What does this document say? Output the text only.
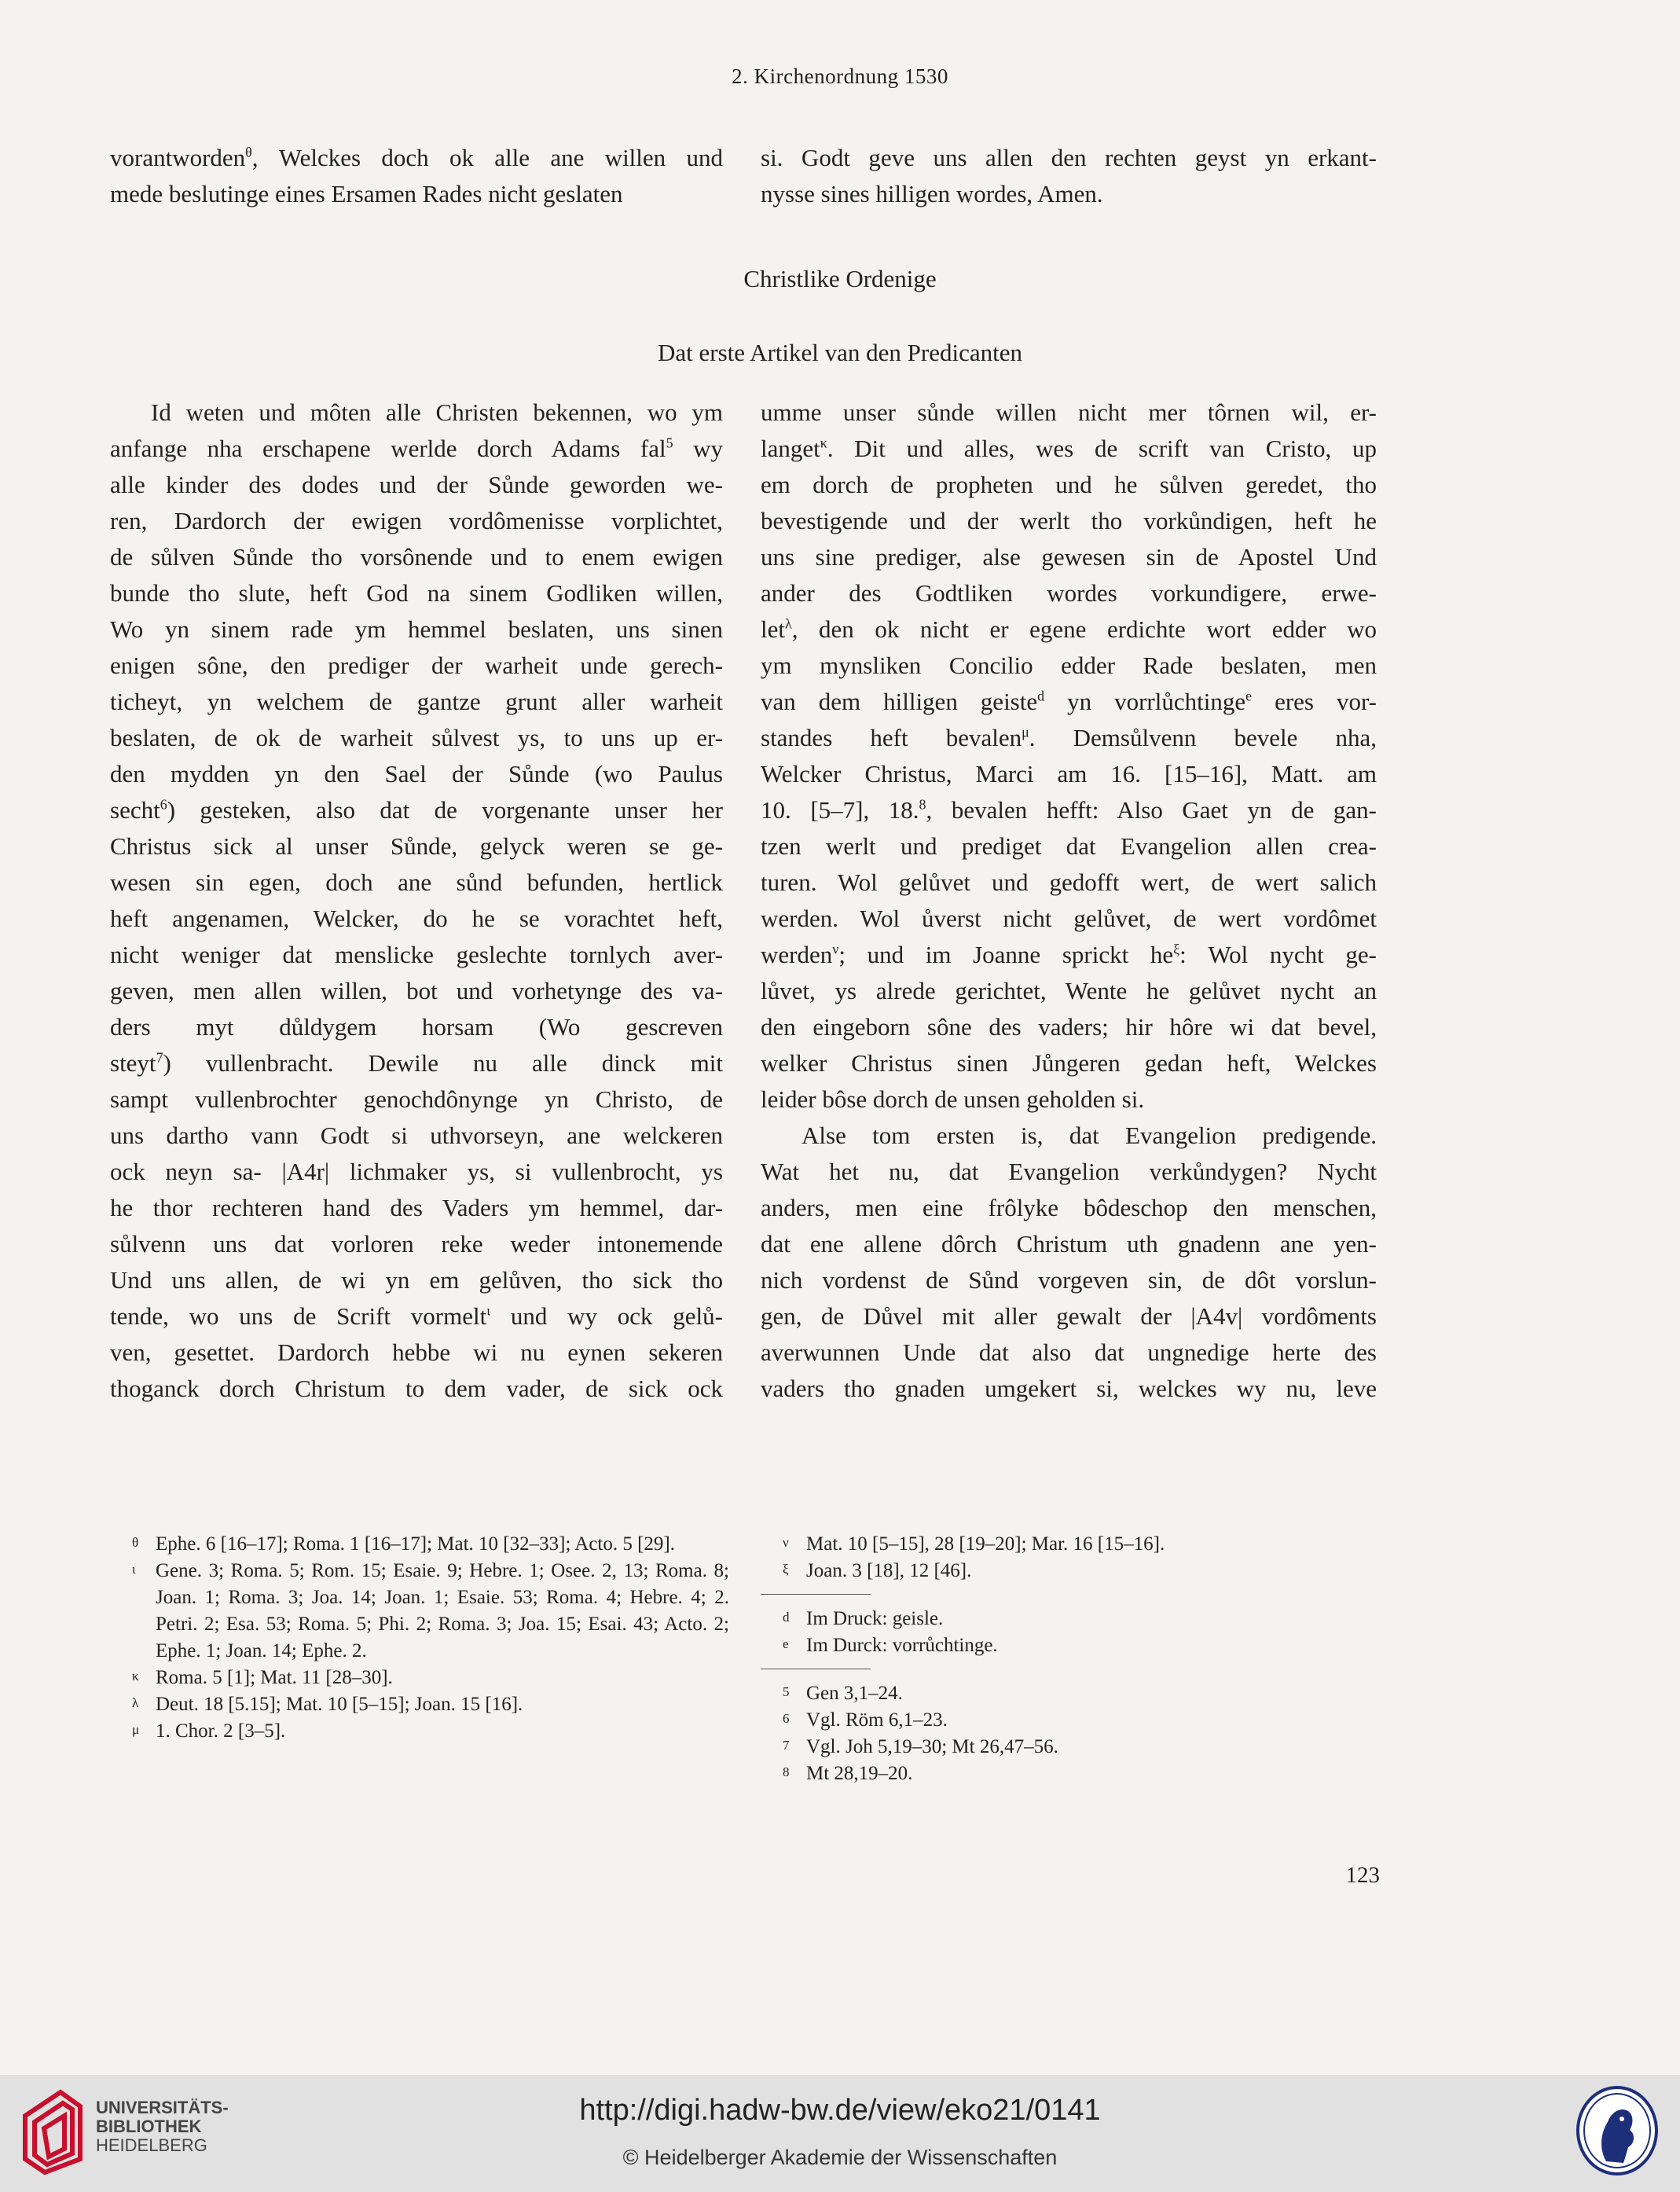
2. Kirchenordnung 1530
vorantworden$^\theta$, Welckes doch ok alle ane willen und
mede beslutinge eines Ersamen Rades nicht geslaten
si. Godt geve uns allen den rechten geyst yn erkant-
nysse sines hilligen wordes, Amen.
Christlike Ordenige
Dat erste Artikel van den Predicanten
Id weten und môten alle Christen bekennen, wo ym
anfange nha erschapene werlde dorch Adams fal$^5$ wy
alle kinder des dodes und der Sůnde geworden we-
ren, Dardorch der ewigen vordômenisse vorplichtet,
de sůlven Sůnde tho vorsônende und to enem ewigen
bunde tho slute, heft God na sinem Godliken willen,
Wo yn sinem rade ym hemmel beslaten, uns sinen
enigen sône, den prediger der warheit unde gerech-
ticheyt, yn welchem de gantze grunt aller warheit
beslaten, de ok de warheit sůlvest ys, to uns up er-
den mydden yn den Sael der Sůnde (wo Paulus
secht$^6$) gesteken, also dat de vorgenante unser her
Christus sick al unser Sůnde, gelyck weren se ge-
wesen sin egen, doch ane sůnd befunden, hertlick
heft angenamen, Welcker, do he se vorachtet heft,
nicht weniger dat menslicke geslechte tornlych aver-
geven, men allen willen, bot und vorhetynge des va-
ders myt důldygem horsam (Wo gescreven
steyt$^7$) vullenbracht. Dewile nu alle dinck mit
sampt vullenbrochter genochdônynge yn Christo, de
uns dartho vann Godt si uthvorseyn, ane welckeren
ock neyn sa- |A4r| lichmaker ys, si vullenbrocht, ys
he thor rechteren hand des Vaders ym hemmel, dar-
sůlvenn uns dat vorloren reke weder intonemende
Und uns allen, de wi yn em gelůven, tho sick tho
tende, wo uns de Scrift vormelt$^\iota$ und wy ock gelů-
ven, gesettet. Dardorch hebbe wi nu eynen sekeren
thoganck dorch Christum to dem vader, de sick ock
umme unser sůnde willen nicht mer tôrnen wil, er-
langet$^\kappa$. Dit und alles, wes de scrift van Cristo, up
em dorch de propheten und he sůlven geredet, tho
bevestigende und der werlt tho vorkůndigen, heft he
uns sine prediger, alse gewesen sin de Apostel Und
ander des Godtliken wordes vorkundigere, erwe-
let$^\lambda$, den ok nicht er egene erdichte wort edder wo
ym mynsliken Concilio edder Rade beslaten, men
van dem hilligen geiste$^d$ yn vorrlůchtinge$^e$ eres vor-
standes heft bevalen$^\mu$. Demsůlvenn bevele nha,
Welcker Christus, Marci am 16. [15–16], Matt. am
10. [5–7], 18.$^8$, bevalen hefft: Also Gaet yn de gan-
tzen werlt und prediget dat Evangelion allen crea-
turen. Wol gelůvet und gedofft wert, de wert salich
werden. Wol ůverst nicht gelůvet, de wert vordômet
werden$^\nu$; und im Joanne sprickt $he^\xi$: Wol nycht ge-
lůvet, ys alrede gerichtet, Wente he gelůvet nycht an
den eingeborn sône des vaders; hir hôre wi dat bevel,
welker Christus sinen Jůngeren gedan heft, Welckes
leider bôse dorch de unsen geholden si.
Alse tom ersten is, dat Evangelion predigende.
Wat het nu, dat Evangelion verkůndygen? Nycht
anders, men eine frôlyke bôdeschop den menschen,
dat ene allene dôrch Christum uth gnadenn ane yen-
nich vordenst de Sůnd vorgeven sin, de dôt vorslun-
gen, de Důvel mit aller gewalt der |A4v| vordôments
averwunnen Unde dat also dat ungnedige herte des
vaders tho gnaden umgekert si, welckes wy nu, leve
θ Ephe. 6 [16–17]; Roma. 1 [16–17]; Mat. 10 [32–33]; Acto. 5 [29].
ι Gene. 3; Roma. 5; Rom. 15; Esaie. 9; Hebre. 1; Osee. 2, 13; Roma. 8; Joan. 1; Roma. 3; Joa. 14; Joan. 1; Esaie. 53; Roma. 4; Hebre. 4; 2. Petri. 2; Esa. 53; Roma. 5; Phi. 2; Roma. 3; Joa. 15; Esai. 43; Acto. 2; Ephe. 1; Joan. 14; Ephe. 2.
κ Roma. 5 [1]; Mat. 11 [28–30].
λ Deut. 18 [5.15]; Mat. 10 [5–15]; Joan. 15 [16].
μ 1. Chor. 2 [3–5].
ν Mat. 10 [5–15], 28 [19–20]; Mar. 16 [15–16].
ξ Joan. 3 [18], 12 [46].
d Im Druck: geisle.
e Im Durck: vorrůchtinge.
5 Gen 3,1–24.
6 Vgl. Röm 6,1–23.
7 Vgl. Joh 5,19–30; Mt 26,47–56.
8 Mt 28,19–20.
123
UNIVERSITÄTS-
BIBLIOTHEK
HEIDELBERG
http://digi.hadw-bw.de/view/eko21/0141
© Heidelberger Akademie der Wissenschaften
